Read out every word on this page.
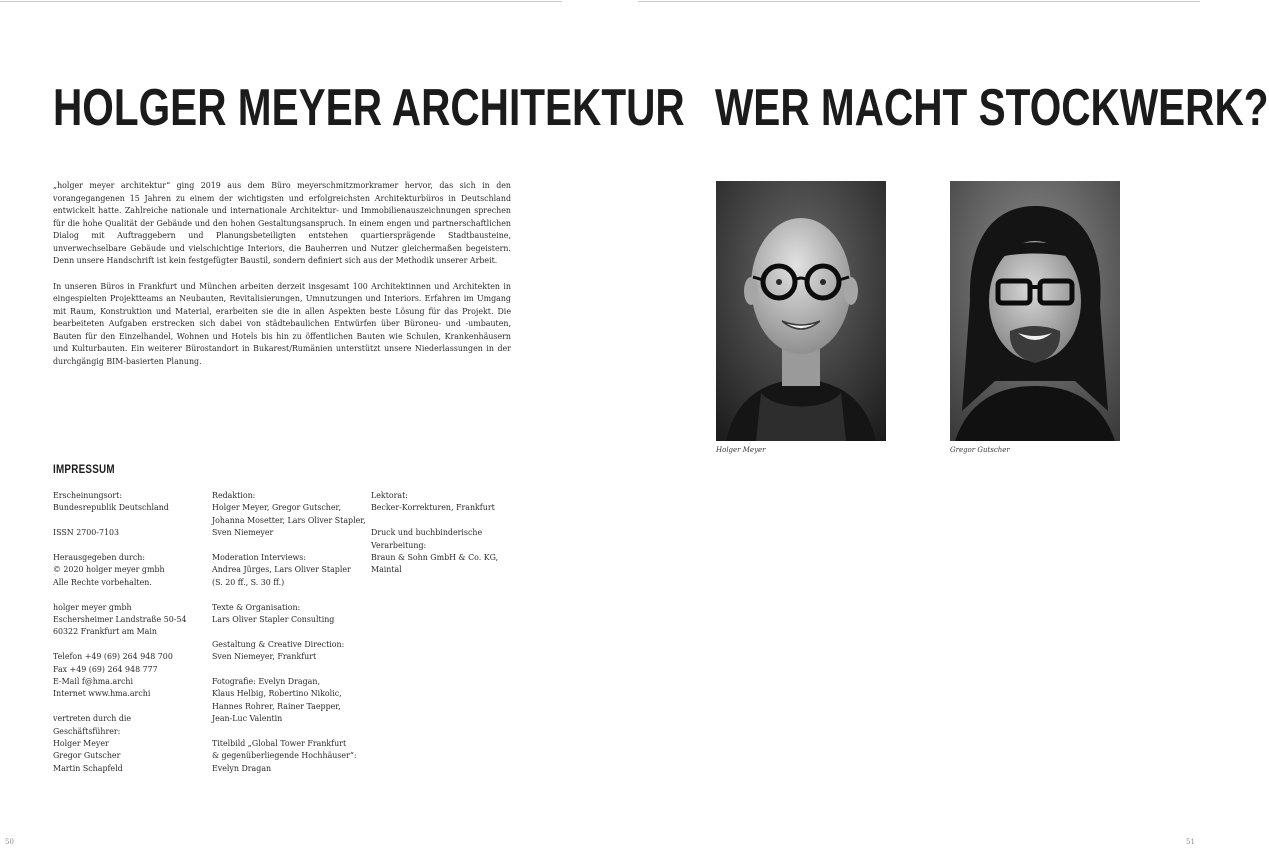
HOLGER MEYER ARCHITEKTUR WER MACHT STOCKWERK?

„holger meyer architektur“ ging 2019 aus dem Büro meyerschmitzmorkramer hervor, das sich in den vorangegangenen 15 Jahren zu einem der wichtigsten und erfolgreichsten Architekturbüros in Deutschland entwickelt hatte. Zahlreiche nationale und internationale Architektur- und Immobilienauszeichnungen sprechen für die hohe Qualität der Gebäude und den hohen Gestaltungsanspruch. In einem engen und partnerschaftlichen Dialog mit Auftraggebern und Planungsbeteiligten entstehen quartiersprägende Stadtbausteine, unverwechselbare Gebäude und vielschichtige Interiors, die Bauherren und Nutzer gleichermaßen begeistern. Denn unsere Handschrift ist kein festgefügter Baustil, sondern definiert sich aus der Methodik unserer Arbeit.

In unseren Büros in Frankfurt und München arbeiten derzeit insgesamt 100 Architektinnen und Architekten in eingespielten Projektteams an Neubauten, Revitalisierungen, Umnutzungen und Interiors. Erfahren im Umgang mit Raum, Konstruktion und Material, erarbeiten sie die in allen Aspekten beste Lösung für das Projekt. Die bearbeiteten Aufgaben erstrecken sich dabei von städtebaulichen Entwürfen über Büroneu- und -umbauten, Bauten für den Einzelhandel, Wohnen und Hotels bis hin zu öffentlichen Bauten wie Schulen, Krankenhäusern und Kulturbauten. Ein weiterer Bürostandort in Bukarest/Rumänien unterstützt unsere Niederlassungen in der durchgängig BIM-basierten Planung.

IMPRESSUM
Erscheinungsort:
Bundesrepublik Deutschland
ISSN 2700-7103
Herausgegeben durch:
© 2020 holger meyer gmbh
Alle Rechte vorbehalten.
holger meyer gmbh
Eschersheimer Landstraße 50-54
60322 Frankfurt am Main
Telefon +49 (69) 264 948 700
Fax +49 (69) 264 948 777
E-Mail f@hma.archi
Internet www.hma.archi
vertreten durch die
Geschäftsführer:
Holger Meyer
Gregor Gutscher
Martin Schapfeld
Redaktion:
Holger Meyer, Gregor Gutscher,
Johanna Mosetter, Lars Oliver Stapler,
Sven Niemeyer
Moderation Interviews:
Andrea Jürges, Lars Oliver Stapler
(S. 20 ff., S. 30 ff.)
Texte & Organisation:
Lars Oliver Stapler Consulting
Gestaltung & Creative Direction:
Sven Niemeyer, Frankfurt
Fotografie: Evelyn Dragan,
Klaus Helbig, Robertino Nikolic,
Hannes Rohrer, Rainer Taepper,
Jean-Luc Valentin
Titelbild „Global Tower Frankfurt
& gegenüberliegende Hochhäuser“:
Evelyn Dragan
Lektorat:
Becker-Korrekturen, Frankfurt
Druck und buchbinderische
Verarbeitung:
Braun & Sohn GmbH & Co. KG,
Maintal
Holger Meyer	Gregor Gutscher
50	51
